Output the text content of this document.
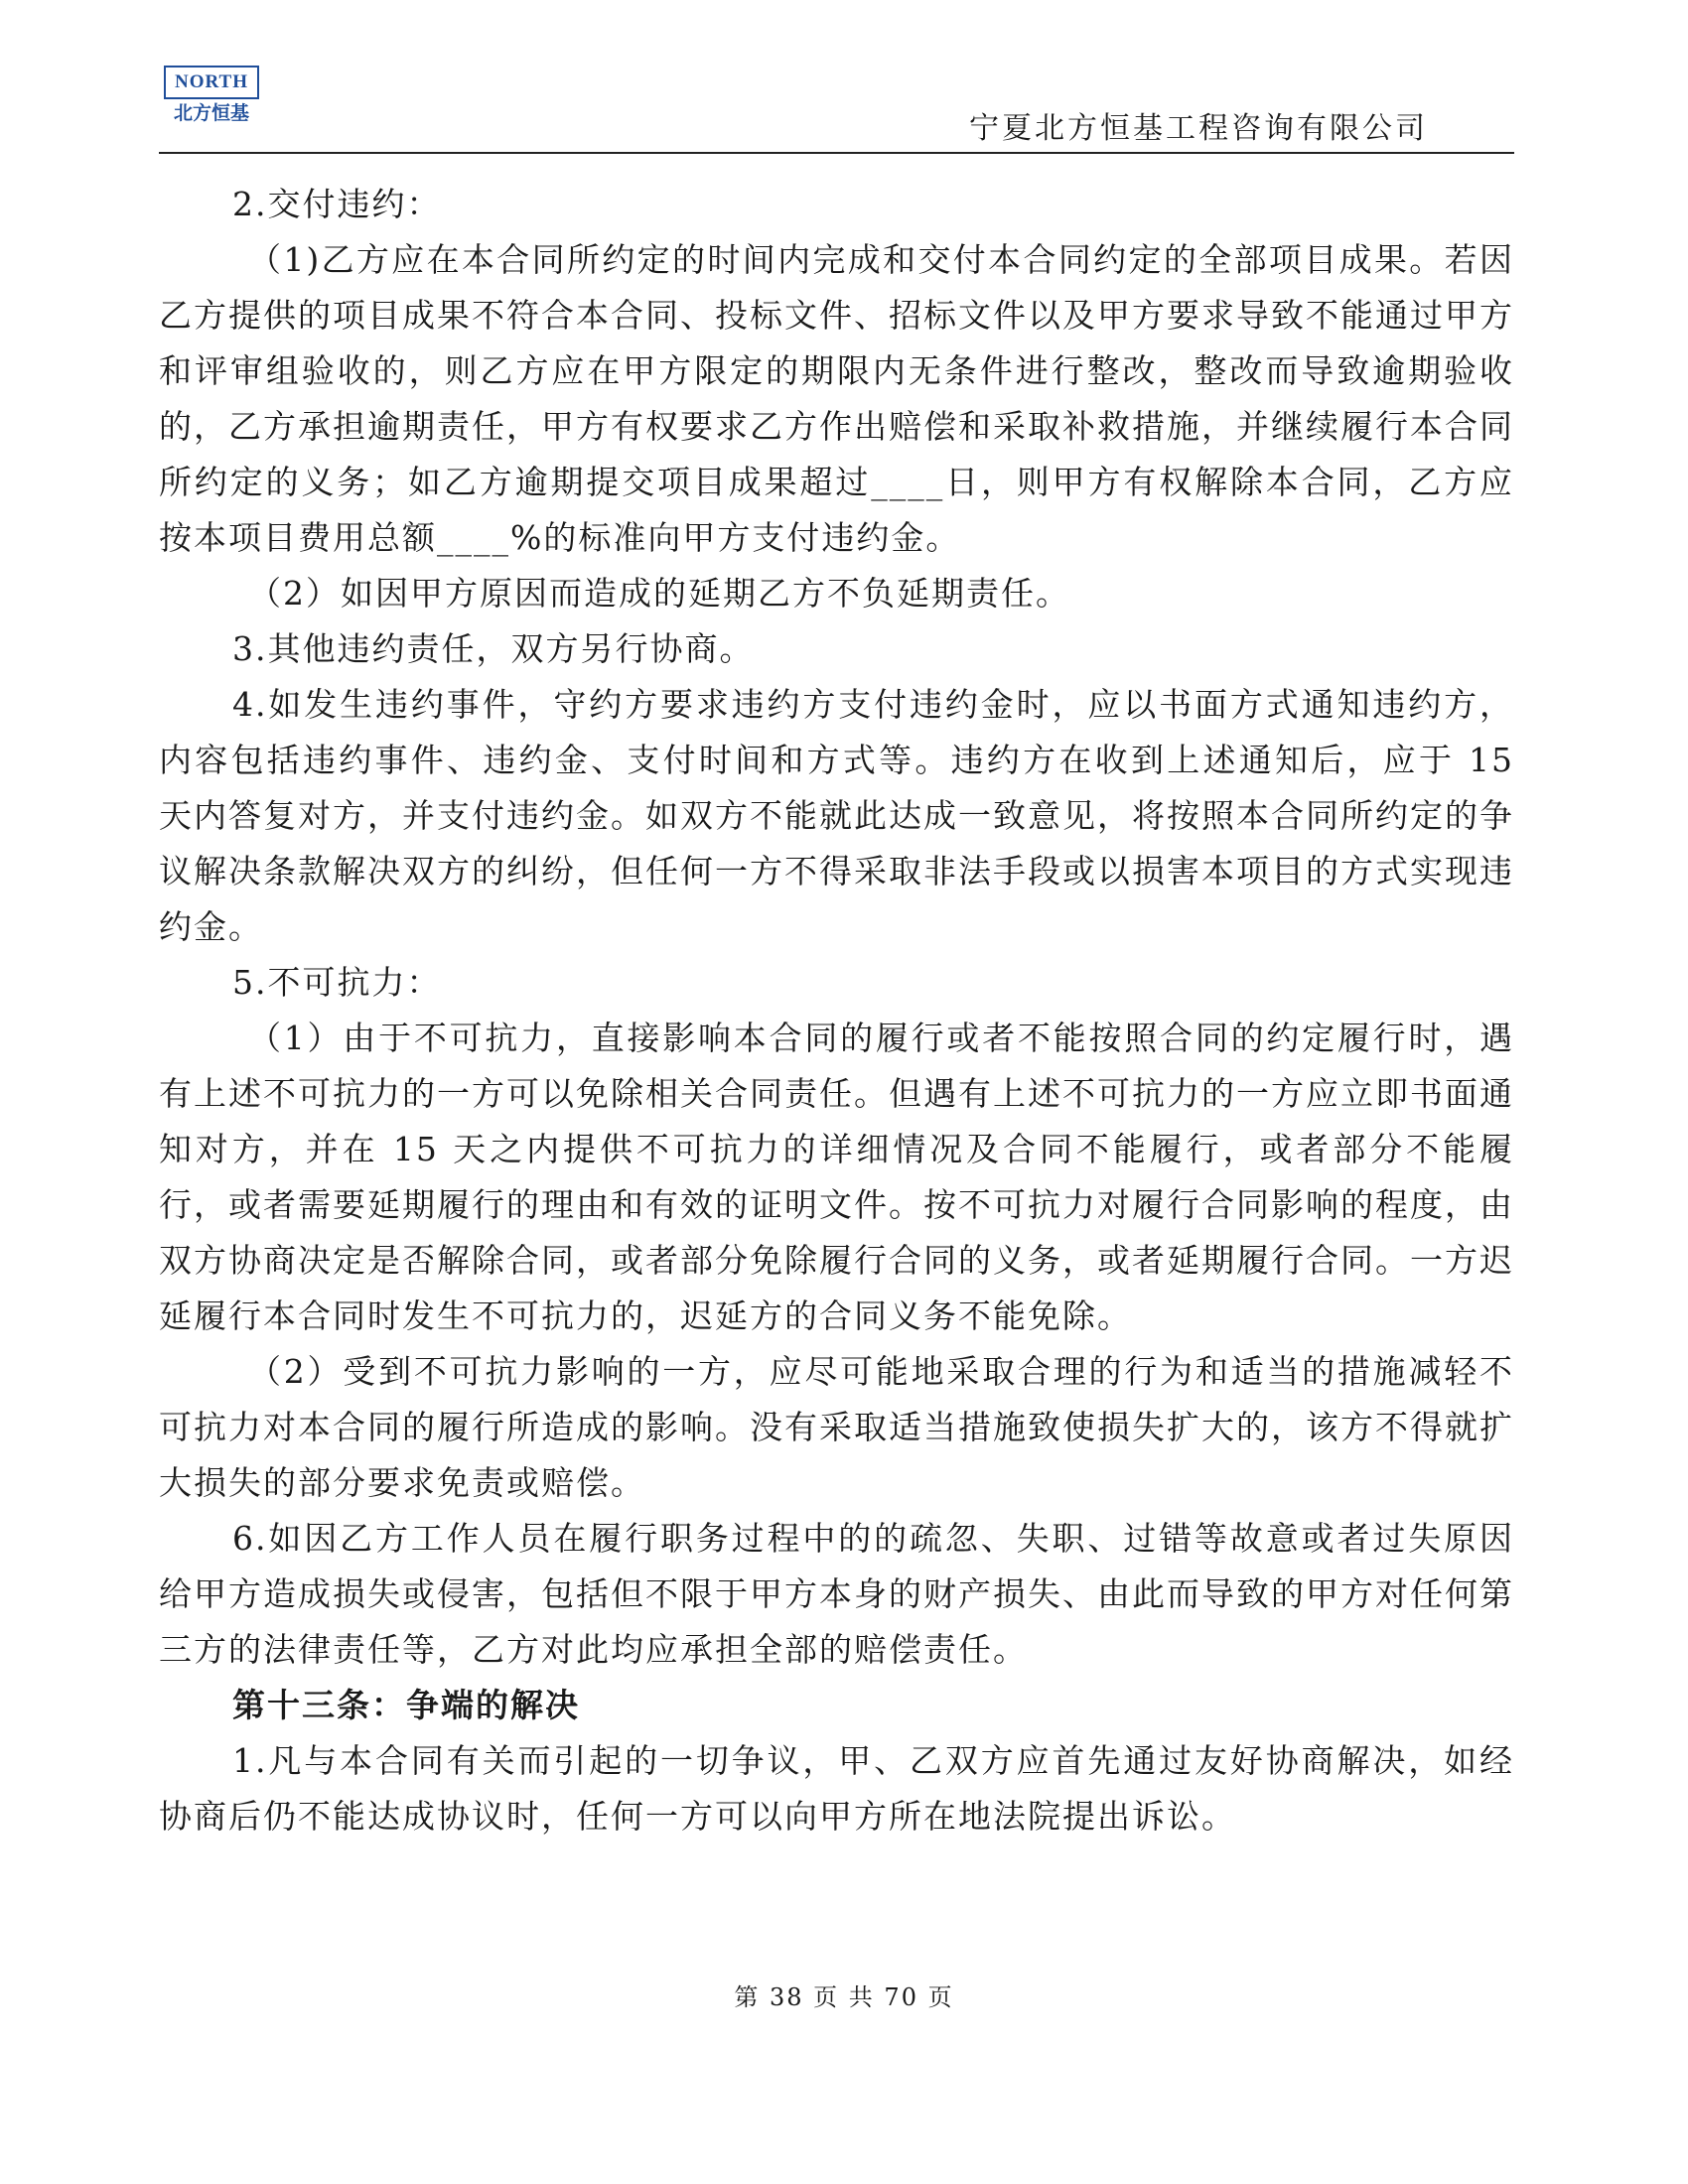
NORTH
北方恒基	宁夏北方恒基工程咨询有限公司

2.交付违约：

（1)乙方应在本合同所约定的时间内完成和交付本合同约定的全部项目成果。若因乙方提供的项目成果不符合本合同、投标文件、招标文件以及甲方要求导致不能通过甲方和评审组验收的，则乙方应在甲方限定的期限内无条件进行整改，整改而导致逾期验收的，乙方承担逾期责任，甲方有权要求乙方作出赔偿和采取补救措施，并继续履行本合同所约定的义务；如乙方逾期提交项目成果超过____日，则甲方有权解除本合同，乙方应按本项目费用总额____%的标准向甲方支付违约金。

（2）如因甲方原因而造成的延期乙方不负延期责任。

3.其他违约责任，双方另行协商。

4.如发生违约事件，守约方要求违约方支付违约金时，应以书面方式通知违约方，内容包括违约事件、违约金、支付时间和方式等。违约方在收到上述通知后，应于 15 天内答复对方，并支付违约金。如双方不能就此达成一致意见，将按照本合同所约定的争议解决条款解决双方的纠纷，但任何一方不得采取非法手段或以损害本项目的方式实现违约金。

5.不可抗力：

（1）由于不可抗力，直接影响本合同的履行或者不能按照合同的约定履行时，遇有上述不可抗力的一方可以免除相关合同责任。但遇有上述不可抗力的一方应立即书面通知对方，并在 15 天之内提供不可抗力的详细情况及合同不能履行，或者部分不能履行，或者需要延期履行的理由和有效的证明文件。按不可抗力对履行合同影响的程度，由双方协商决定是否解除合同，或者部分免除履行合同的义务，或者延期履行合同。一方迟延履行本合同时发生不可抗力的，迟延方的合同义务不能免除。

（2）受到不可抗力影响的一方，应尽可能地采取合理的行为和适当的措施减轻不可抗力对本合同的履行所造成的影响。没有采取适当措施致使损失扩大的，该方不得就扩大损失的部分要求免责或赔偿。

6.如因乙方工作人员在履行职务过程中的的疏忽、失职、过错等故意或者过失原因给甲方造成损失或侵害，包括但不限于甲方本身的财产损失、由此而导致的甲方对任何第三方的法律责任等，乙方对此均应承担全部的赔偿责任。

第十三条：争端的解决

1.凡与本合同有关而引起的一切争议，甲、乙双方应首先通过友好协商解决，如经协商后仍不能达成协议时，任何一方可以向甲方所在地法院提出诉讼。

第 38 页 共 70 页
